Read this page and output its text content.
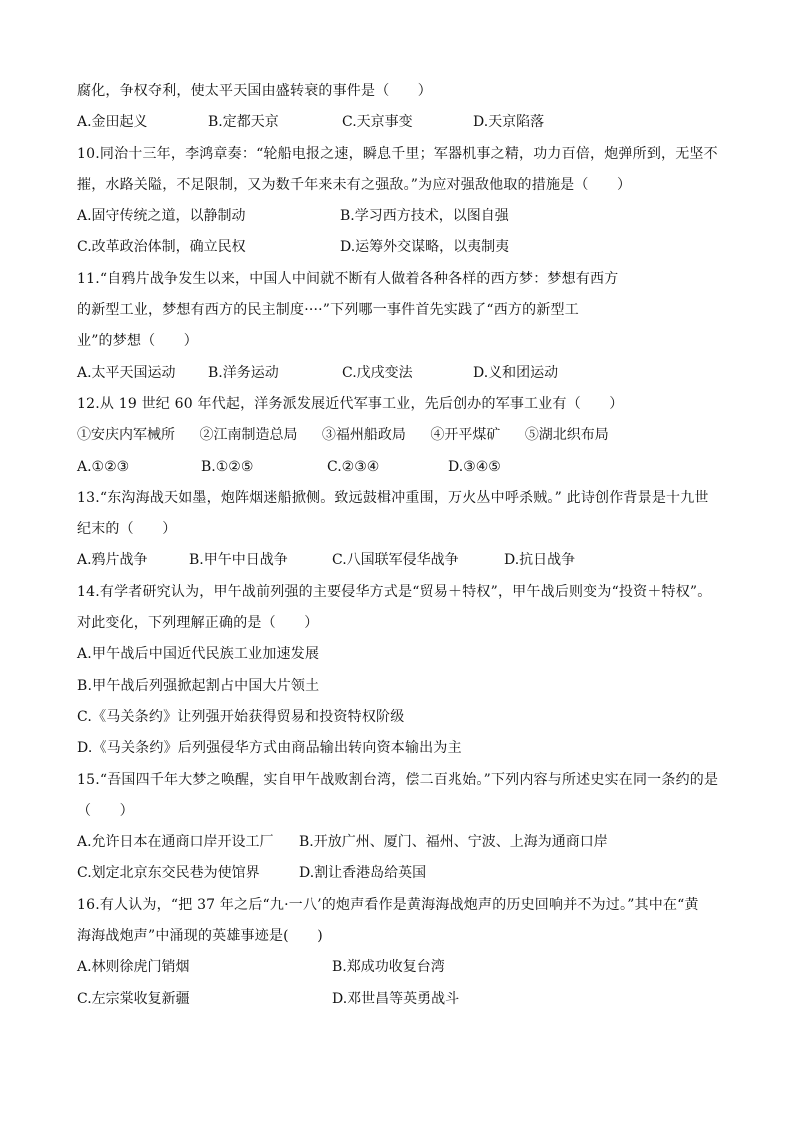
腐化，争权夺利，使太平天国由盛转衰的事件是（　　）
A.金田起义	B.定都天京	C.天京事变	D.天京陷落
10.同治十三年，李鸿章奏：“轮船电报之速，瞬息千里；军器机事之精，功力百倍，炮弹所到，无坚不
摧，水路关隘，不足限制，又为数千年来未有之强敌。”为应对强敌他取的措施是（　　）
A.固守传统之道，以静制动	B.学习西方技术，以图自强
C.改革政治体制，确立民权	D.运筹外交谋略，以夷制夷
11.“自鸦片战争发生以来，中国人中间就不断有人做着各种各样的西方梦：梦想有西方
的新型工业，梦想有西方的民主制度····”下列哪一事件首先实践了“西方的新型工
业”的梦想（　　）
A.太平天国运动 B.洋务运动	C.戊戌变法	D.义和团运动
12.从 19 世纪 60 年代起，洋务派发展近代军事工业，先后创办的军事工业有（　　）
①安庆内军械所 ②江南制造总局 ③福州船政局 ④开平煤矿 ⑤湖北织布局
A.①②③	B.①②⑤	C.②③④	D.③④⑤
13.“东沟海战天如墨，炮阵烟迷船掀侧。致远鼓楫冲重围，万火丛中呼杀贼。” 此诗创作背景是十九世
纪末的（　　）
A.鸦片战争	B.甲午中日战争	C.八国联军侵华战争	D.抗日战争
14.有学者研究认为，甲午战前列强的主要侵华方式是“贸易＋特权”，甲午战后则变为“投资＋特权”。
对此变化，下列理解正确的是（　　）
A.甲午战后中国近代民族工业加速发展
B.甲午战后列强掀起割占中国大片领土
C.《马关条约》让列强开始获得贸易和投资特权阶级
D.《马关条约》后列强侵华方式由商品输出转向资本输出为主
15.“吾国四千年大梦之唤醒，实自甲午战败割台湾，偿二百兆始。”下列内容与所述史实在同一条约的是
（　　）
A.允许日本在通商口岸开设工厂 B.开放广州、厦门、福州、宁波、上海为通商口岸
C.划定北京东交民巷为使馆界	D.割让香港岛给英国
16.有人认为，“把 37 年之后“九·一八’的炮声看作是黄海海战炮声的历史回响并不为过。”其中在“黄
海海战炮声”中涌现的英雄事迹是(　　)
A.林则徐虎门销烟	B.郑成功收复台湾
C.左宗棠收复新疆	D.邓世昌等英勇战斗
